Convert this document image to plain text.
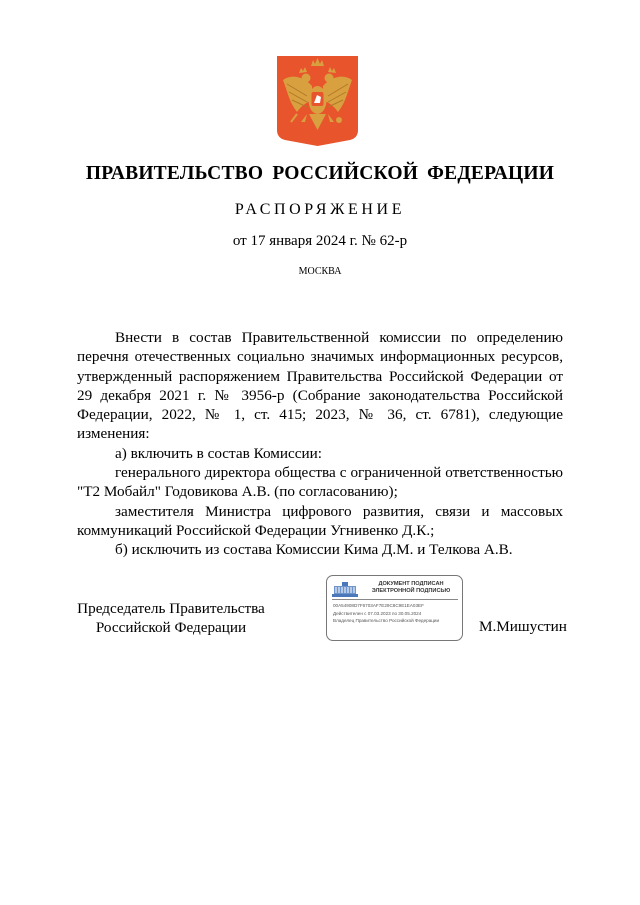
ПРАВИТЕЛЬСТВО РОССИЙСКОЙ ФЕДЕРАЦИИ
РАСПОРЯЖЕНИЕ
от 17 января 2024 г. № 62-р
МОСКВА

Внести в состав Правительственной комиссии по определению перечня отечественных социально значимых информационных ресурсов, утвержденный распоряжением Правительства Российской Федерации от 29 декабря 2021 г. № 3956-р (Собрание законодательства Российской Федерации, 2022, № 1, ст. 415; 2023, № 36, ст. 6781), следующие изменения:

а) включить в состав Комиссии:

генерального директора общества с ограниченной ответственностью "Т2 Мобайл" Годовикова А.В. (по согласованию);

заместителя Министра цифрового развития, связи и массовых коммуникаций Российской Федерации Угнивенко Д.К.;

б) исключить из состава Комиссии Кима Д.М. и Телкова А.В.

Председатель Правительства
Российской Федерации
ДОКУМЕНТ ПОДПИСАН ЭЛЕКТРОННОЙ ПОДПИСЬЮ
00A54908D7F6703AF7E29C8C9E1EA03EF
Действителен с 07.03.2023 по 30.05.2024
Владелец Правительство Российской Федерации	М.Мишустин
